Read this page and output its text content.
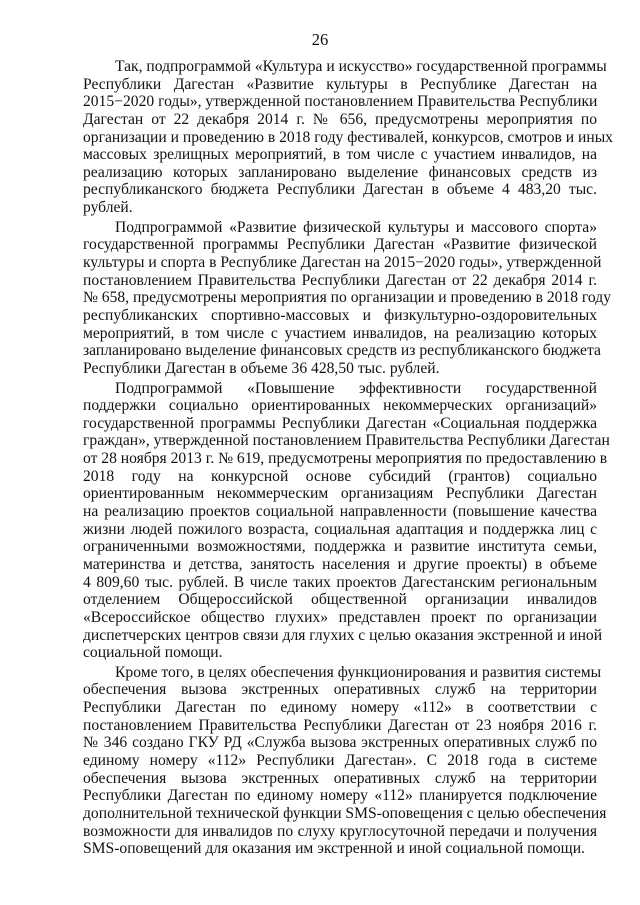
26
Так, подпрограммой «Культура и искусство» государственной программы
Республики Дагестан «Развитие культуры в Республике Дагестан на
2015−2020 годы», утвержденной постановлением Правительства Республики
Дагестан от 22 декабря 2014 г. № 656, предусмотрены мероприятия по
организации и проведению в 2018 году фестивалей, конкурсов, смотров и иных
массовых зрелищных мероприятий, в том числе с участием инвалидов, на
реализацию которых запланировано выделение финансовых средств из
республиканского бюджета Республики Дагестан в объеме 4 483,20 тыс.
рублей.
Подпрограммой «Развитие физической культуры и массового спорта»
государственной программы Республики Дагестан «Развитие физической
культуры и спорта в Республике Дагестан на 2015−2020 годы», утвержденной
постановлением Правительства Республики Дагестан от 22 декабря 2014 г.
№ 658, предусмотрены мероприятия по организации и проведению в 2018 году
республиканских спортивно-массовых и физкультурно-оздоровительных
мероприятий, в том числе с участием инвалидов, на реализацию которых
запланировано выделение финансовых средств из республиканского бюджета
Республики Дагестан в объеме 36 428,50 тыс. рублей.
Подпрограммой «Повышение эффективности государственной
поддержки социально ориентированных некоммерческих организаций»
государственной программы Республики Дагестан «Социальная поддержка
граждан», утвержденной постановлением Правительства Республики Дагестан
от 28 ноября 2013 г. № 619, предусмотрены мероприятия по предоставлению в
2018 году на конкурсной основе субсидий (грантов) социально
ориентированным некоммерческим организациям Республики Дагестан
на реализацию проектов социальной направленности (повышение качества
жизни людей пожилого возраста, социальная адаптация и поддержка лиц с
ограниченными возможностями, поддержка и развитие института семьи,
материнства и детства, занятость населения и другие проекты) в объеме
4 809,60 тыс. рублей. В числе таких проектов Дагестанским региональным
отделением Общероссийской общественной организации инвалидов
«Всероссийское общество глухих» представлен проект по организации
диспетчерских центров связи для глухих с целью оказания экстренной и иной
социальной помощи.
Кроме того, в целях обеспечения функционирования и развития системы
обеспечения вызова экстренных оперативных служб на территории
Республики Дагестан по единому номеру «112» в соответствии с
постановлением Правительства Республики Дагестан от 23 ноября 2016 г.
№ 346 создано ГКУ РД «Служба вызова экстренных оперативных служб по
единому номеру «112» Республики Дагестан». С 2018 года в системе
обеспечения вызова экстренных оперативных служб на территории
Республики Дагестан по единому номеру «112» планируется подключение
дополнительной технической функции SMS-оповещения с целью обеспечения
возможности для инвалидов по слуху круглосуточной передачи и получения
SMS-оповещений для оказания им экстренной и иной социальной помощи.
